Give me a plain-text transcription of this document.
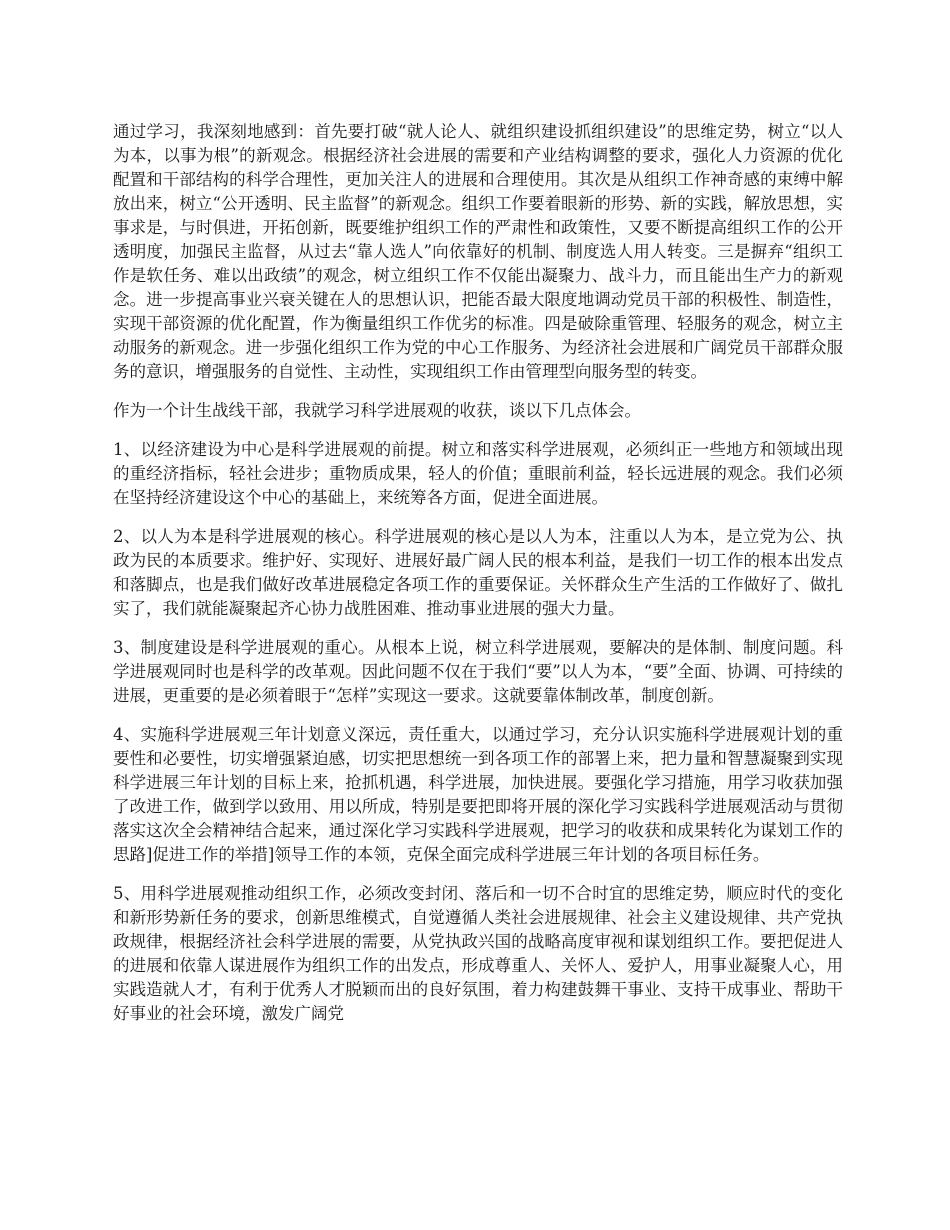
通过学习，我深刻地感到：首先要打破“就人论人、就组织建设抓组织建设”的思维定势，树立“以人为本，以事为根”的新观念。根据经济社会进展的需要和产业结构调整的要求，强化人力资源的优化配置和干部结构的科学合理性，更加关注人的进展和合理使用。其次是从组织工作神奇感的束缚中解放出来，树立“公开透明、民主监督”的新观念。组织工作要着眼新的形势、新的实践，解放思想，实事求是，与时俱进，开拓创新，既要维护组织工作的严肃性和政策性，又要不断提高组织工作的公开透明度，加强民主监督，从过去“靠人选人”向依靠好的机制、制度选人用人转变。三是摒弃“组织工作是软任务、难以出政绩”的观念，树立组织工作不仅能出凝聚力、战斗力，而且能出生产力的新观念。进一步提高事业兴衰关键在人的思想认识，把能否最大限度地调动党员干部的积极性、制造性，实现干部资源的优化配置，作为衡量组织工作优劣的标准。四是破除重管理、轻服务的观念，树立主动服务的新观念。进一步强化组织工作为党的中心工作服务、为经济社会进展和广阔党员干部群众服务的意识，增强服务的自觉性、主动性，实现组织工作由管理型向服务型的转变。

作为一个计生战线干部，我就学习科学进展观的收获，谈以下几点体会。

1、以经济建设为中心是科学进展观的前提。树立和落实科学进展观，必须纠正一些地方和领域出现的重经济指标，轻社会进步；重物质成果，轻人的价值；重眼前利益，轻长远进展的观念。我们必须在坚持经济建设这个中心的基础上，来统筹各方面，促进全面进展。

2、以人为本是科学进展观的核心。科学进展观的核心是以人为本，注重以人为本，是立党为公、执政为民的本质要求。维护好、实现好、进展好最广阔人民的根本利益，是我们一切工作的根本出发点和落脚点，也是我们做好改革进展稳定各项工作的重要保证。关怀群众生产生活的工作做好了、做扎实了，我们就能凝聚起齐心协力战胜困难、推动事业进展的强大力量。

3、制度建设是科学进展观的重心。从根本上说，树立科学进展观，要解决的是体制、制度问题。科学进展观同时也是科学的改革观。因此问题不仅在于我们“要”以人为本，“要”全面、协调、可持续的进展，更重要的是必须着眼于“怎样”实现这一要求。这就要靠体制改革，制度创新。

4、实施科学进展观三年计划意义深远，责任重大，以通过学习，充分认识实施科学进展观计划的重要性和必要性，切实增强紧迫感，切实把思想统一到各项工作的部署上来，把力量和智慧凝聚到实现科学进展三年计划的目标上来，抢抓机遇，科学进展，加快进展。要强化学习措施，用学习收获加强了改进工作，做到学以致用、用以所成，特别是要把即将开展的深化学习实践科学进展观活动与贯彻落实这次全会精神结合起来，通过深化学习实践科学进展观，把学习的收获和成果转化为谋划工作的思路]促进工作的举措]领导工作的本领，克保全面完成科学进展三年计划的各项目标任务。

5、用科学进展观推动组织工作，必须改变封闭、落后和一切不合时宜的思维定势，顺应时代的变化和新形势新任务的要求，创新思维模式，自觉遵循人类社会进展规律、社会主义建设规律、共产党执政规律，根据经济社会科学进展的需要，从党执政兴国的战略高度审视和谋划组织工作。要把促进人的进展和依靠人谋进展作为组织工作的出发点，形成尊重人、关怀人、爱护人，用事业凝聚人心，用实践造就人才，有利于优秀人才脱颖而出的良好氛围，着力构建鼓舞干事业、支持干成事业、帮助干好事业的社会环境，激发广阔党
